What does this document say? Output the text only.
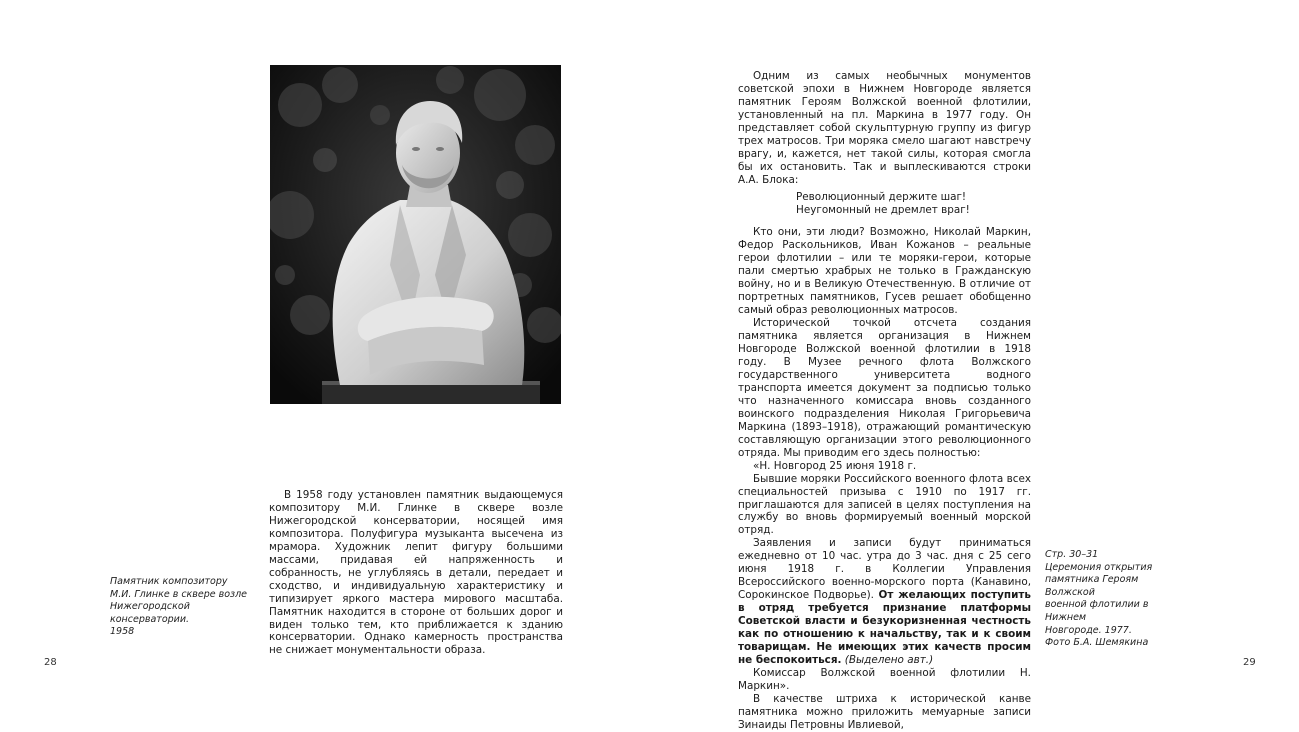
Памятник композитору
М.И. Глинке в сквере возле
Нижегородской консерватории.
1958

В 1958 году установлен памятник выдающемуся композитору М.И. Глинке в сквере возле Нижегородской консерватории, носящей имя композитора. Полуфигура музыканта высечена из мрамора. Художник лепит фигуру большими массами, придавая ей напряженность и собранность, не углубляясь в детали, передает и сходство, и индивидуальную характеристику и типизирует яркого мастера мирового масштаба. Памятник находится в стороне от больших дорог и виден только тем, кто приближается к зданию консерватории. Однако камерность пространства не снижает монументальности образа.

28

Одним из самых необычных монументов советской эпохи в Нижнем Новгороде является памятник Героям Волжской военной флотилии, установленный на пл. Маркина в 1977 году. Он представляет собой скульптурную группу из фигур трех матросов. Три моряка смело шагают навстречу врагу, и, кажется, нет такой силы, которая смогла бы их остановить. Так и выплескиваются строки А.А. Блока:

Революционный держите шаг!
Неугомонный не дремлет враг!

Кто они, эти люди? Возможно, Николай Маркин, Федор Раскольников, Иван Кожанов – реальные герои флотилии – или те моряки-герои, которые пали смертью храбрых не только в Гражданскую войну, но и в Великую Отечественную. В отличие от портретных памятников, Гусев решает обобщенно самый образ революционных матросов.

Исторической точкой отсчета создания памятника является организация в Нижнем Новгороде Волжской военной флотилии в 1918 году. В Музее речного флота Волжского государственного университета водного транспорта имеется документ за подписью только что назначенного комиссара вновь созданного воинского подразделения Николая Григорьевича Маркина (1893–1918), отражающий романтическую составляющую организации этого революционного отряда. Мы приводим его здесь полностью:

«Н. Новгород 25 июня 1918 г.

Бывшие моряки Российского военного флота всех специальностей призыва с 1910 по 1917 гг. приглашаются для записей в целях поступления на службу во вновь формируемый военный морской отряд.

Заявления и записи будут приниматься ежедневно от 10 час. утра до 3 час. дня с 25 сего июня 1918 г. в Коллегии Управления Всероссийского военно-морского порта (Канавино, Сорокинское Подворье). От желающих поступить в отряд требуется признание платформы Советской власти и безукоризненная честность как по отношению к начальству, так и к своим товарищам. Не имеющих этих качеств просим не беспокоиться. (Выделено авт.)

Комиссар Волжской военной флотилии Н. Маркин».

В качестве штриха к исторической канве памятника можно приложить мемуарные записи Зинаиды Петровны Ивлиевой,

Стр. 30–31
Церемония открытия
памятника Героям Волжской
военной флотилии в Нижнем
Новгороде. 1977.
Фото Б.А. Шемякина
29
